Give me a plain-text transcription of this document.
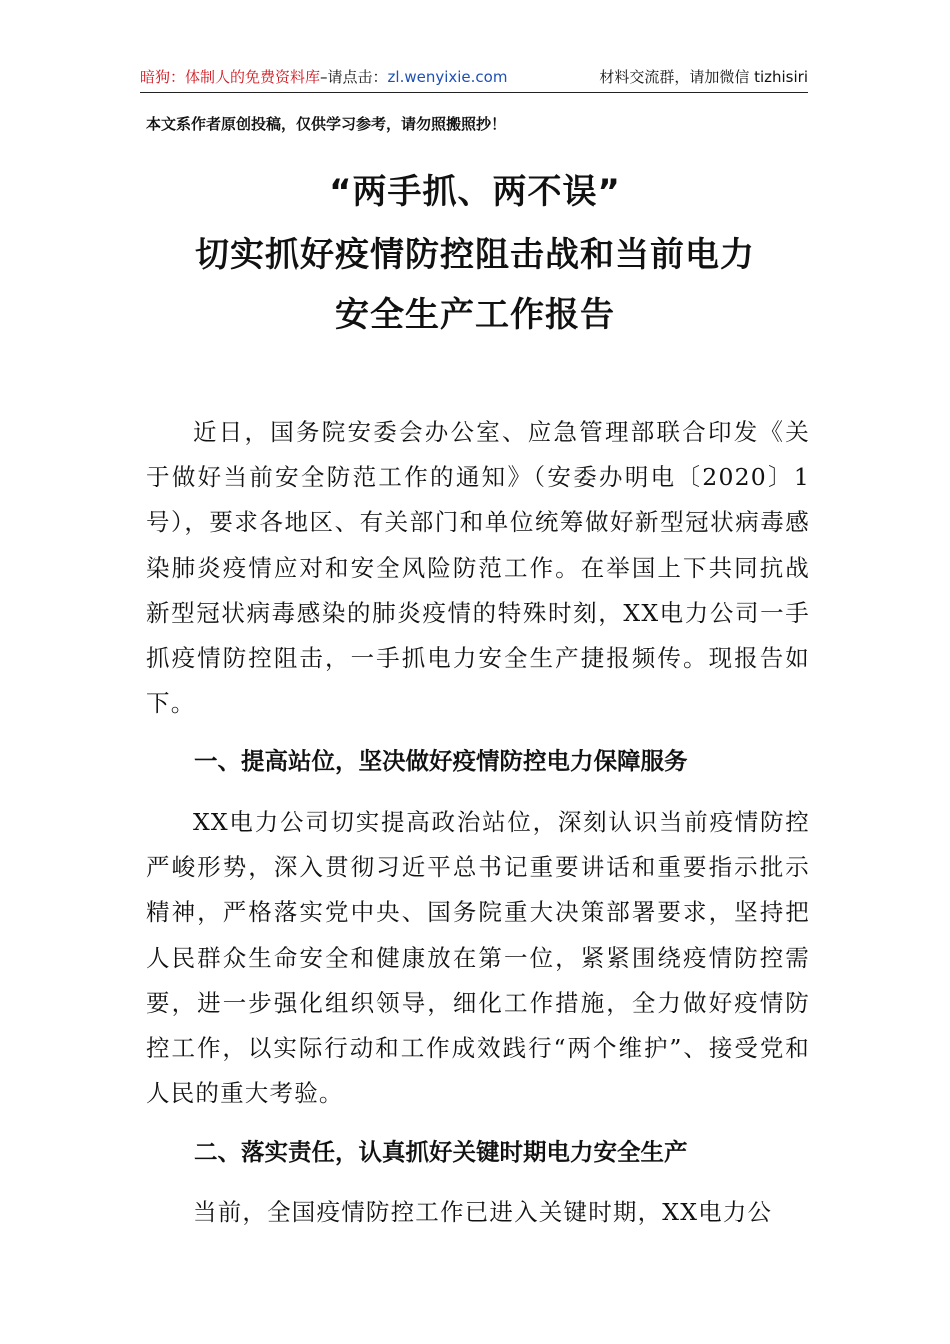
暗狗：体制人的免费资料库–请点击：zl.wenyixie.com	材料交流群，请加微信 tizhisiri
本文系作者原创投稿，仅供学习参考，请勿照搬照抄！
“两手抓、两不误”
切实抓好疫情防控阻击战和当前电力
安全生产工作报告
近日，国务院安委会办公室、应急管理部联合印发《关于做好当前安全防范工作的通知》（安委办明电〔2020〕1号），要求各地区、有关部门和单位统筹做好新型冠状病毒感染肺炎疫情应对和安全风险防范工作。在举国上下共同抗战新型冠状病毒感染的肺炎疫情的特殊时刻，XX电力公司一手抓疫情防控阻击，一手抓电力安全生产捷报频传。现报告如下。
一、提高站位，坚决做好疫情防控电力保障服务
XX电力公司切实提高政治站位，深刻认识当前疫情防控严峻形势，深入贯彻习近平总书记重要讲话和重要指示批示精神，严格落实党中央、国务院重大决策部署要求，坚持把人民群众生命安全和健康放在第一位，紧紧围绕疫情防控需要，进一步强化组织领导，细化工作措施，全力做好疫情防控工作，以实际行动和工作成效践行“两个维护”、接受党和人民的重大考验。
二、落实责任，认真抓好关键时期电力安全生产
当前，全国疫情防控工作已进入关键时期，XX电力公
